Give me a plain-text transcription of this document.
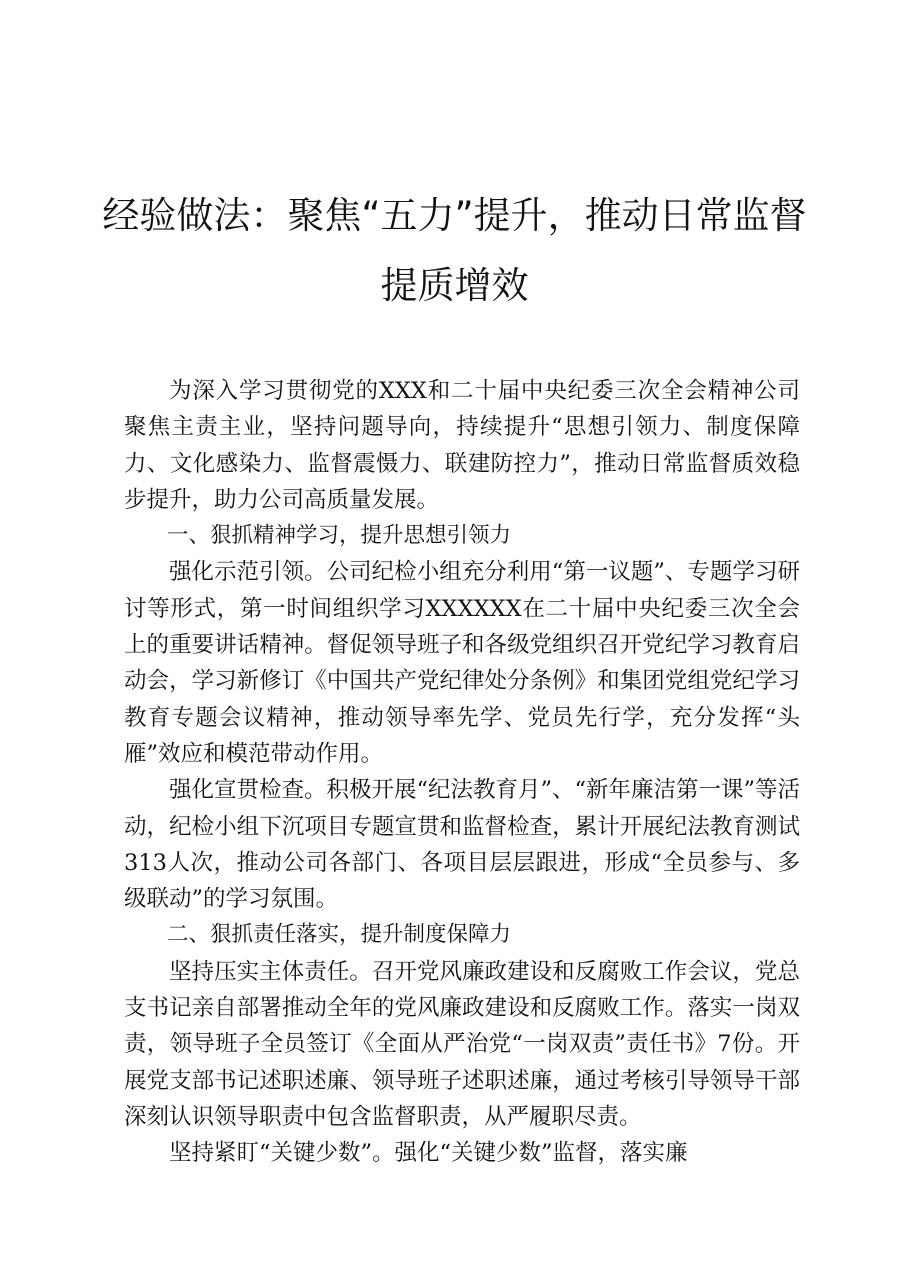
经验做法：聚焦“五力”提升，推动日常监督
提质增效

为深入学习贯彻党的XXX和二十届中央纪委三次全会精神公司聚焦主责主业，坚持问题导向，持续提升“思想引领力、制度保障力、文化感染力、监督震慑力、联建防控力”，推动日常监督质效稳步提升，助力公司高质量发展。

一、狠抓精神学习，提升思想引领力

强化示范引领。公司纪检小组充分利用“第一议题”、专题学习研讨等形式，第一时间组织学习XXXXXX在二十届中央纪委三次全会上的重要讲话精神。督促领导班子和各级党组织召开党纪学习教育启动会，学习新修订《中国共产党纪律处分条例》和集团党组党纪学习教育专题会议精神，推动领导率先学、党员先行学，充分发挥“头雁”效应和模范带动作用。

强化宣贯检查。积极开展“纪法教育月”、“新年廉洁第一课”等活动，纪检小组下沉项目专题宣贯和监督检查，累计开展纪法教育测试313人次，推动公司各部门、各项目层层跟进，形成“全员参与、多级联动”的学习氛围。

二、狠抓责任落实，提升制度保障力

坚持压实主体责任。召开党风廉政建设和反腐败工作会议，党总支书记亲自部署推动全年的党风廉政建设和反腐败工作。落实一岗双责，领导班子全员签订《全面从严治党“一岗双责”责任书》7份。开展党支部书记述职述廉、领导班子述职述廉，通过考核引导领导干部深刻认识领导职责中包含监督职责，从严履职尽责。

坚持紧盯“关键少数”。强化“关键少数”监督，落实廉
